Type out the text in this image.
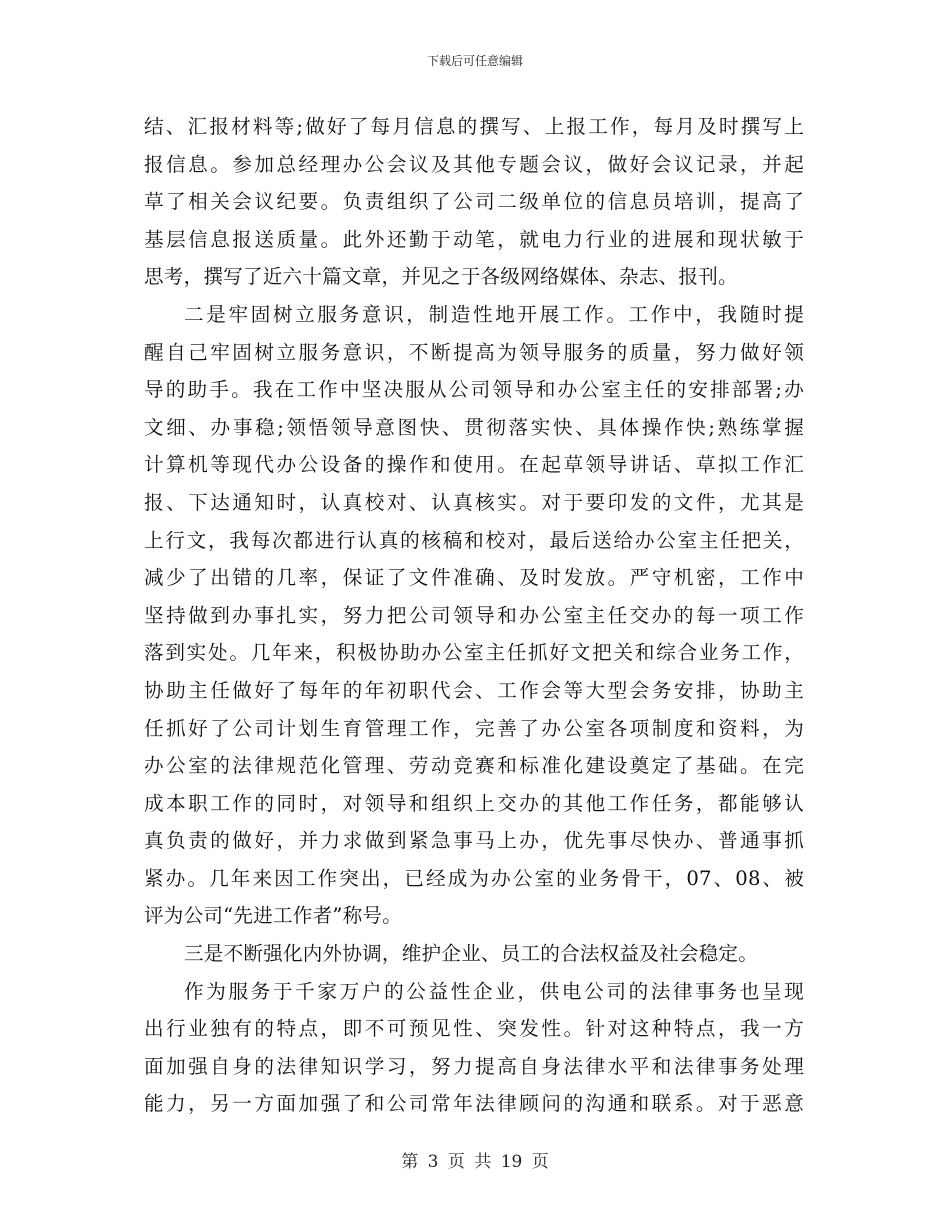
下载后可任意编辑
结、汇报材料等;做好了每月信息的撰写、上报工作，每月及时撰写上
报信息。参加总经理办公会议及其他专题会议，做好会议记录，并起
草了相关会议纪要。负责组织了公司二级单位的信息员培训，提高了
基层信息报送质量。此外还勤于动笔，就电力行业的进展和现状敏于
思考，撰写了近六十篇文章，并见之于各级网络媒体、杂志、报刊。
二是牢固树立服务意识，制造性地开展工作。工作中，我随时提
醒自己牢固树立服务意识，不断提高为领导服务的质量，努力做好领
导的助手。我在工作中坚决服从公司领导和办公室主任的安排部署;办
文细、办事稳;领悟领导意图快、贯彻落实快、具体操作快;熟练掌握
计算机等现代办公设备的操作和使用。在起草领导讲话、草拟工作汇
报、下达通知时，认真校对、认真核实。对于要印发的文件，尤其是
上行文，我每次都进行认真的核稿和校对，最后送给办公室主任把关，
减少了出错的几率，保证了文件准确、及时发放。严守机密，工作中
坚持做到办事扎实，努力把公司领导和办公室主任交办的每一项工作
落到实处。几年来，积极协助办公室主任抓好文把关和综合业务工作，
协助主任做好了每年的年初职代会、工作会等大型会务安排，协助主
任抓好了公司计划生育管理工作，完善了办公室各项制度和资料，为
办公室的法律规范化管理、劳动竞赛和标准化建设奠定了基础。在完
成本职工作的同时，对领导和组织上交办的其他工作任务，都能够认
真负责的做好，并力求做到紧急事马上办，优先事尽快办、普通事抓
紧办。几年来因工作突出，已经成为办公室的业务骨干，07、08、被
评为公司“先进工作者”称号。
三是不断强化内外协调，维护企业、员工的合法权益及社会稳定。
作为服务于千家万户的公益性企业，供电公司的法律事务也呈现
出行业独有的特点，即不可预见性、突发性。针对这种特点，我一方
面加强自身的法律知识学习，努力提高自身法律水平和法律事务处理
能力，另一方面加强了和公司常年法律顾问的沟通和联系。对于恶意
第 3 页 共 19 页
